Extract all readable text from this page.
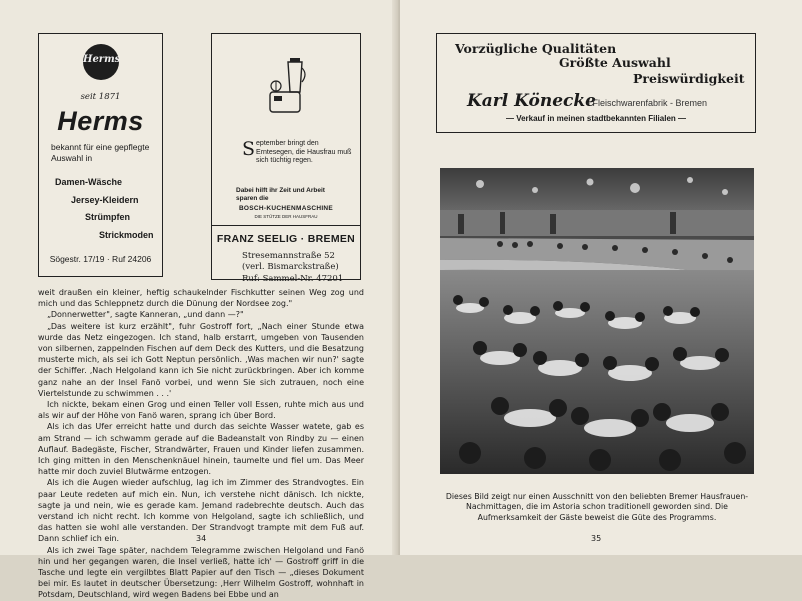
Herms
seit 1871
Herms
bekannt für eine gepflegte Auswahl in
Damen-Wäsche
Jersey-Kleidern
Strümpfen
Strickmoden
Sögestr. 17/19 · Ruf 24206
September bringt den Erntesegen, die Hausfrau muß sich tüchtig regen.
Dabei hilft ihr Zeit und Arbeit sparen die
BOSCH-KUCHENMASCHINE
DIE STÜTZE DER HAUSFRAU
FRANZ SEELIG · BREMEN
Stresemannstraße 52
(verl. Bismarckstraße)
Ruf: Sammel-Nr. 47201

weit draußen ein kleiner, heftig schaukelnder Fischkutter seinen Weg zog und mich und das Schleppnetz durch die Dünung der Nordsee zog."

„Donnerwetter", sagte Kanneran, „und dann —?"

„Das weitere ist kurz erzählt", fuhr Gostroff fort, „Nach einer Stunde etwa wurde das Netz eingezogen. Ich stand, halb erstarrt, umgeben von Tausenden von silbernen, zappelnden Fischen auf dem Deck des Kutters, und die Besatzung musterte mich, als sei ich Gott Neptun persönlich. ‚Was machen wir nun?' sagte der Schiffer. ‚Nach Helgoland kann ich Sie nicht zurückbringen. Aber ich komme ganz nahe an der Insel Fanö vorbei, und wenn Sie sich zutrauen, noch eine Viertelstunde zu schwimmen . . .'

Ich nickte, bekam einen Grog und einen Teller voll Essen, ruhte mich aus und als wir auf der Höhe von Fanö waren, sprang ich über Bord.

Als ich das Ufer erreicht hatte und durch das seichte Wasser watete, gab es am Strand — ich schwamm gerade auf die Badeanstalt von Rindby zu — einen Auflauf. Badegäste, Fischer, Strandwärter, Frauen und Kinder liefen zusammen. Ich ging mitten in den Menschenknäuel hinein, taumelte und fiel um. Das Meer hatte mir doch zuviel Blutwärme entzogen.

Als ich die Augen wieder aufschlug, lag ich im Zimmer des Strandvogtes. Ein paar Leute redeten auf mich ein. Nun, ich verstehe nicht dänisch. Ich nickte, sagte ja und nein, wie es gerade kam. Jemand radebrechte deutsch. Auch das verstand ich nicht recht. Ich komme von Helgoland, sagte ich schließlich, und das hatten sie wohl alle verstanden. Der Strandvogt trampte mit dem Fuß auf. Dann schlief ich ein.

Als ich zwei Tage später, nachdem Telegramme zwischen Helgoland und Fanö hin und her gegangen waren, die Insel verließ, hatte ich' — Gostroff griff in die Tasche und legte ein vergilbtes Blatt Papier auf den Tisch — „dieses Dokument bei mir. Es lautet in deutscher Übersetzung: ‚Herr Wilhelm Gostroff, wohnhaft in Potsdam, Deutschland, wird wegen Badens bei Ebbe und an

34
Vorzügliche Qualitäten
Größte Auswahl
Preiswürdigkeit
Karl Könecke
- Fleischwarenfabrik - Bremen
— Verkauf in meinen stadtbekannten Filialen —
Dieses Bild zeigt nur einen Ausschnitt von den beliebten Bremer Hausfrauen-Nachmittagen, die im Astoria schon traditionell geworden sind. Die Aufmerksamkeit der Gäste beweist die Güte des Programms.
35
